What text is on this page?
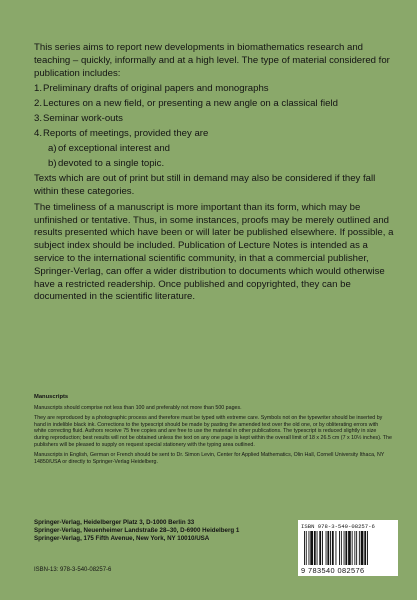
This series aims to report new developments in biomathematics research and teaching – quickly, informally and at a high level. The type of material considered for publication includes:

1. Preliminary drafts of original papers and monographs
2. Lectures on a new field, or presenting a new angle on a classical field
3. Seminar work-outs
4. Reports of meetings, provided they are
a) of exceptional interest and
b) devoted to a single topic.

Texts which are out of print but still in demand may also be considered if they fall within these categories.

The timeliness of a manuscript is more important than its form, which may be unfinished or tentative. Thus, in some instances, proofs may be merely outlined and results presented which have been or will later be published elsewhere. If possible, a subject index should be included. Publication of Lecture Notes is intended as a service to the international scientific community, in that a commercial publisher, Springer-Verlag, can offer a wider distribution to documents which would otherwise have a restricted readership. Once published and copyrighted, they can be documented in the scientific literature.

Manuscripts

Manuscripts should comprise not less than 100 and preferably not more than 500 pages.

They are reproduced by a photographic process and therefore must be typed with extreme care. Symbols not on the typewriter should be inserted by hand in indelible black ink. Corrections to the typescript should be made by pasting the amended text over the old one, or by obliterating errors with white correcting fluid. Authors receive 75 free copies and are free to use the material in other publications. The typescript is reduced slightly in size during reproduction; best results will not be obtained unless the text on any one page is kept within the overall limit of 18 x 26.5 cm (7 x 10½ inches). The publishers will be pleased to supply on request special stationery with the typing area outlined.

Manuscripts in English, German or French should be sent to Dr. Simon Levin, Center for Applied Mathematics, Olin Hall, Cornell University Ithaca, NY 14850/USA or directly to Springer-Verlag Heidelberg.

Springer-Verlag, Heidelberger Platz 3, D-1000 Berlin 33
Springer-Verlag, Neuenheimer Landstraße 28–30, D-6900 Heidelberg 1
Springer-Verlag, 175 Fifth Avenue, New York, NY 10010/USA
ISBN-13: 978-3-540-08257-6
ISBN 978-3-540-08257-6
9 783540 082576
